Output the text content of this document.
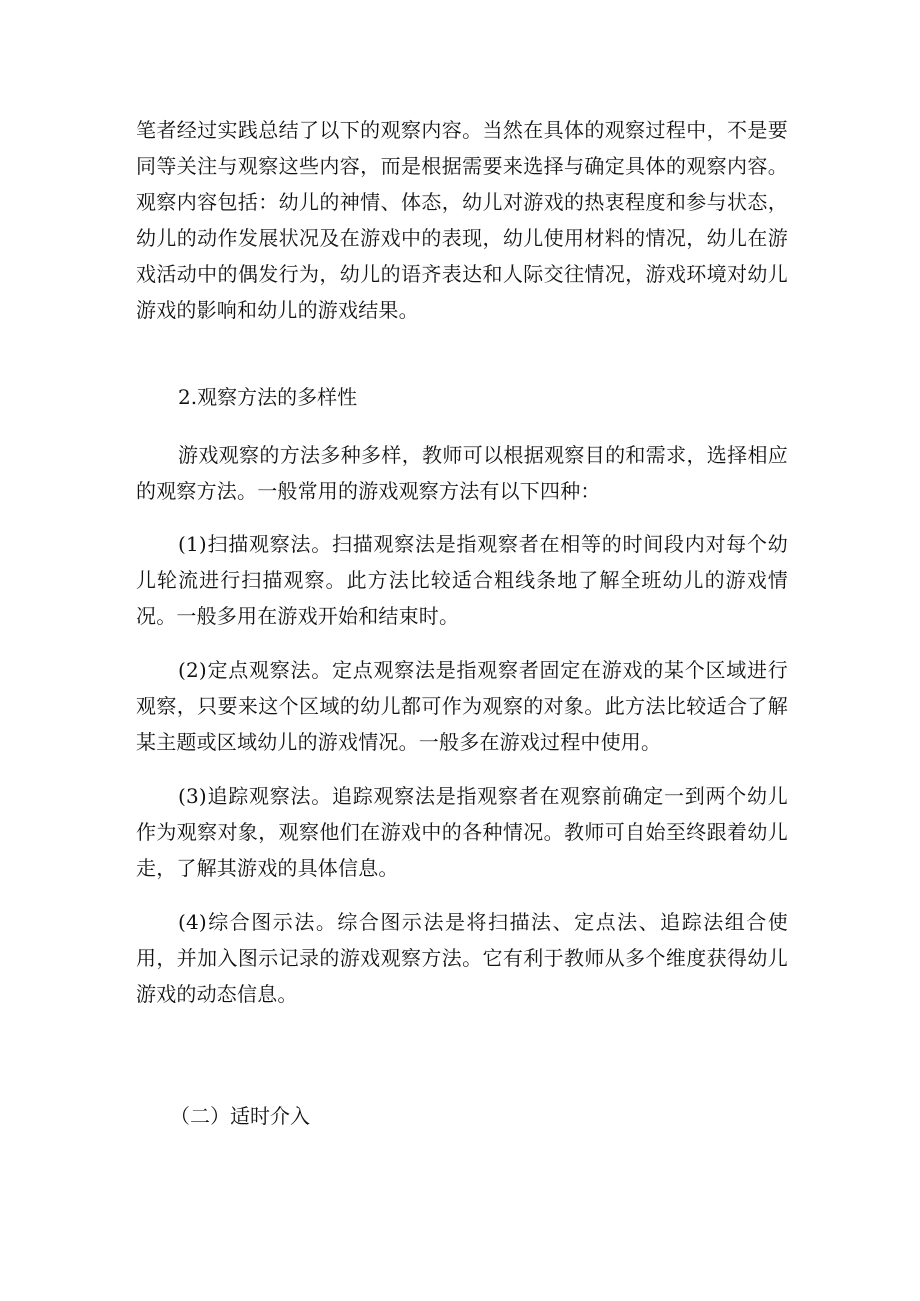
笔者经过实践总结了以下的观察内容。当然在具体的观察过程中，不是要同等关注与观察这些内容，而是根据需要来选择与确定具体的观察内容。观察内容包括：幼儿的神情、体态，幼儿对游戏的热衷程度和参与状态，幼儿的动作发展状况及在游戏中的表现，幼儿使用材料的情况，幼儿在游戏活动中的偶发行为，幼儿的语齐表达和人际交往情况，游戏环境对幼儿游戏的影响和幼儿的游戏结果。

2.观察方法的多样性

游戏观察的方法多种多样，教师可以根据观察目的和需求，选择相应的观察方法。一般常用的游戏观察方法有以下四种：

(1)扫描观察法。扫描观察法是指观察者在相等的时间段内对每个幼儿轮流进行扫描观察。此方法比较适合粗线条地了解全班幼儿的游戏情况。一般多用在游戏开始和结束时。

(2)定点观察法。定点观察法是指观察者固定在游戏的某个区域进行观察，只要来这个区域的幼儿都可作为观察的对象。此方法比较适合了解某主题或区域幼儿的游戏情况。一般多在游戏过程中使用。

(3)追踪观察法。追踪观察法是指观察者在观察前确定一到两个幼儿作为观察对象，观察他们在游戏中的各种情况。教师可自始至终跟着幼儿走，了解其游戏的具体信息。

(4)综合图示法。综合图示法是将扫描法、定点法、追踪法组合使用，并加入图示记录的游戏观察方法。它有利于教师从多个维度获得幼儿游戏的动态信息。

（二）适时介入
